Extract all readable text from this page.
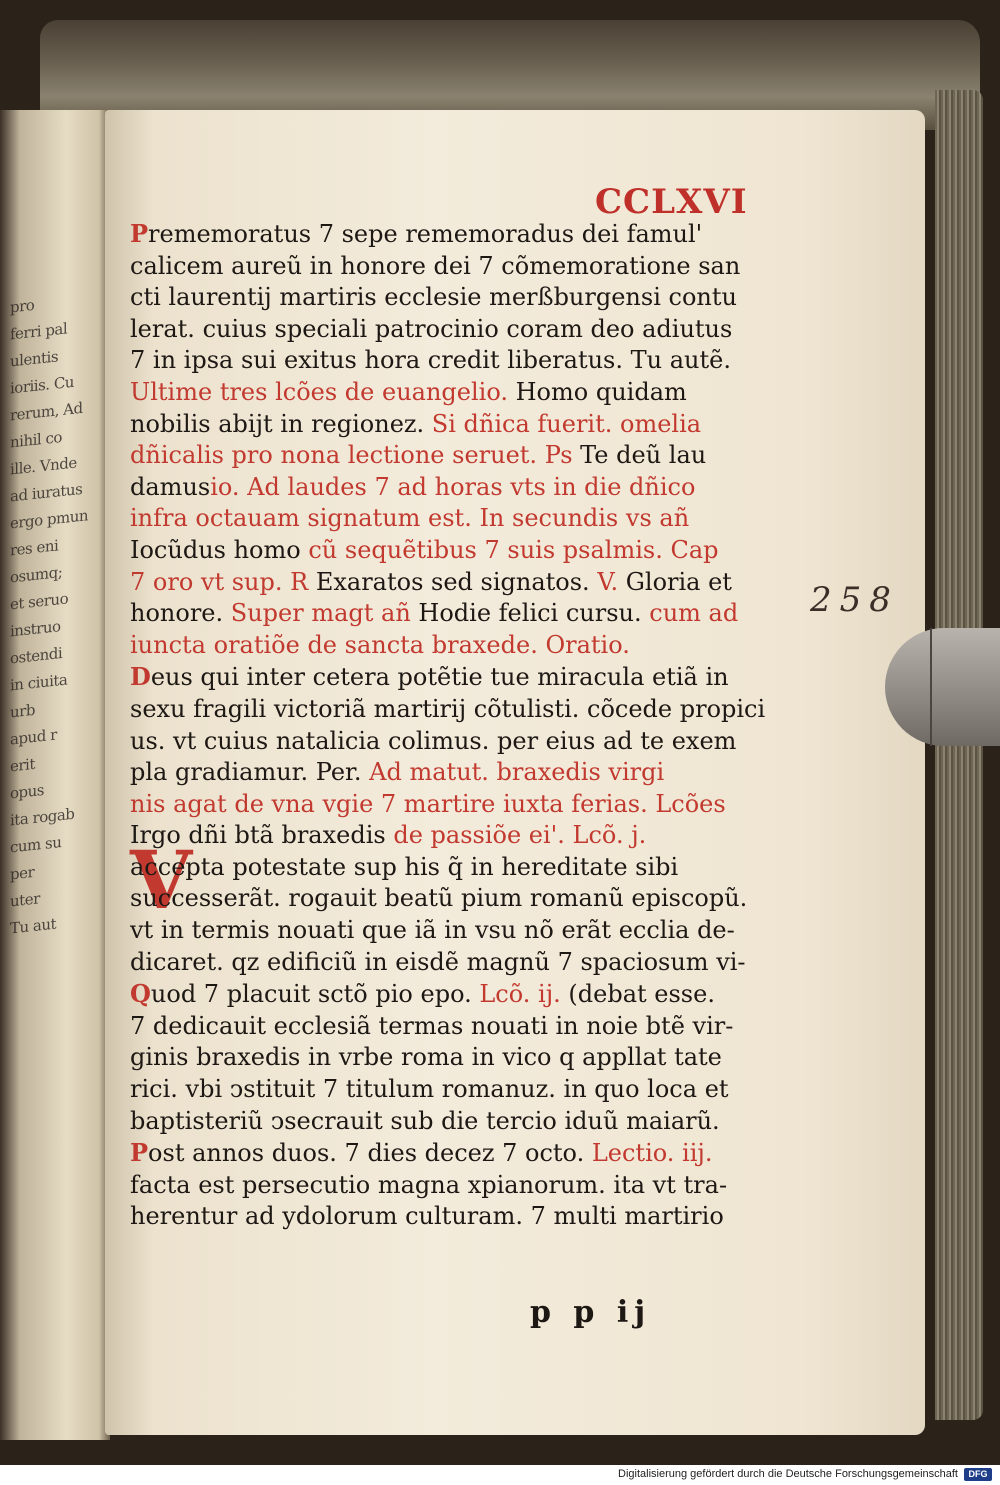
pro
ferri pal
ulentis
ioriis. Cu
rerum, Ad
nihil co
ille. Vnde
ad iuratus
ergo pmun
res eni
osumq;
et seruo
instruo
ostendi
in ciuita
urb
apud r
erit
opus
ita rogab
cum su
per
uter
Tu aut
CCLXVI
V
Prememoratus 7 sepe rememoradus dei famul'
calicem aureũ in honore dei 7 cõmemoratione san
cti laurentij martiris ecclesie merßburgensi contu
lerat. cuius speciali patrocinio coram deo adiutus
7 in ipsa sui exitus hora credit liberatus. Tu autẽ.
Ultime tres lcões de euangelio. Homo quidam
nobilis abijt in regionez. Si dñica fuerit. omelia
dñicalis pro nona lectione seruet. Ps Te deũ lau
damusio. Ad laudes 7 ad horas vts in die dñico
infra octauam signatum est. In secundis vs añ
Iocũdus homo cũ sequẽtibus 7 suis psalmis. Cap
7 oro vt sup. R Exaratos sed signatos. V. Gloria et
honore. Super magt añ Hodie felici cursu. cum ad
iuncta oratiõe de sancta braxede. Oratio.
Deus qui inter cetera potẽtie tue miracula etiã in
sexu fragili victoriã martirij cõtulisti. cõcede propici
us. vt cuius natalicia colimus. per eius ad te exem
pla gradiamur. Per. Ad matut. braxedis virgi
nis agat de vna vgie 7 martire iuxta ferias. Lcões
Irgo dñi btã braxedis de passiõe ei'. Lcõ. j.
accepta potestate sup his q̃ in hereditate sibi
successerãt. rogauit beatũ pium romanũ episcopũ.
vt in termis nouati que iã in vsu nõ erãt ecclia de-
dicaret. qz edificiũ in eisdẽ magnũ 7 spaciosum vi-
Quod 7 placuit sctõ pio epo. Lcõ. ij. (debat esse.
7 dedicauit ecclesiã termas nouati in noie btẽ vir-
ginis braxedis in vrbe roma in vico q appllat tate
rici. vbi ↄstituit 7 titulum romanuz. in quo loca et
baptisteriũ ↄsecrauit sub die tercio iduũ maiarũ.
Post annos duos. 7 dies decez 7 octo. Lectio. iij.
facta est persecutio magna xpianorum. ita vt tra-
herentur ad ydolorum culturam. 7 multi martirio
258
p p ij
Digitalisierung gefördert durch die Deutsche Forschungsgemeinschaft	DFG
